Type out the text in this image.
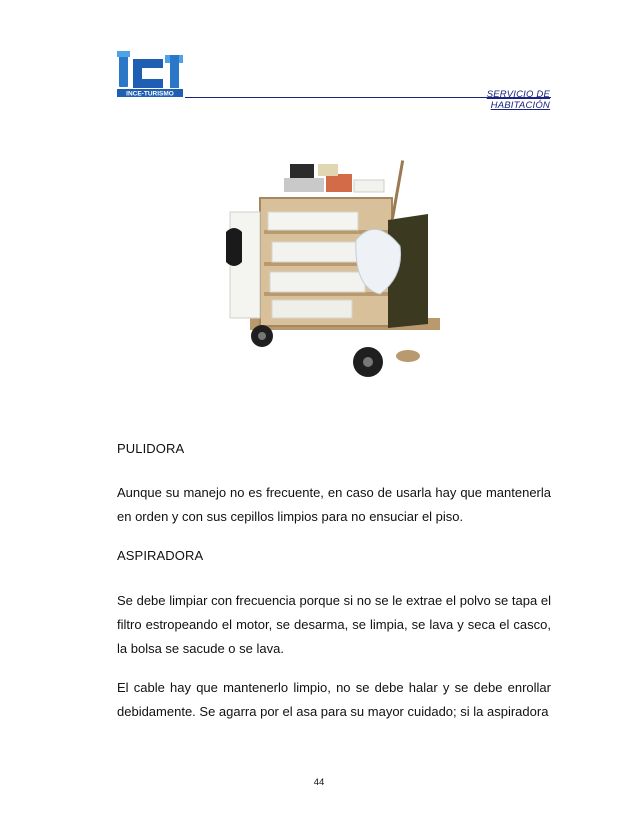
INCE-TURISMO	SERVICIO DE
HABITACIÓN
PULIDORA
Aunque su manejo no es frecuente, en caso de usarla hay que mantenerla en orden y con sus cepillos limpios para no ensuciar el piso.
ASPIRADORA
Se debe limpiar con frecuencia porque si no se le extrae el polvo se tapa el filtro estropeando el motor, se desarma, se limpia, se lava y seca el casco, la bolsa se sacude o se lava.
El cable hay que mantenerlo limpio, no se debe halar y se debe enrollar debidamente. Se agarra por el asa para su mayor cuidado; si la aspiradora
44
